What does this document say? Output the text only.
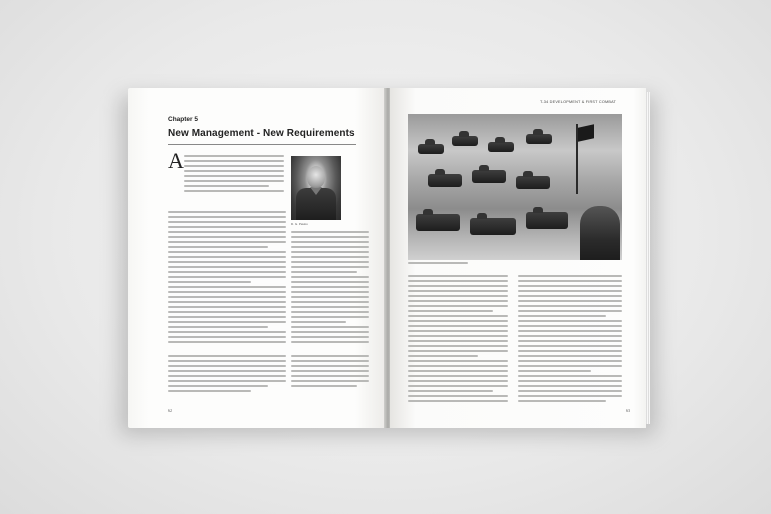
Chapter 5
New Management - New Requirements
A
D. G. Pavlov
62
T-34 DEVELOPMENT & FIRST COMBAT
63
